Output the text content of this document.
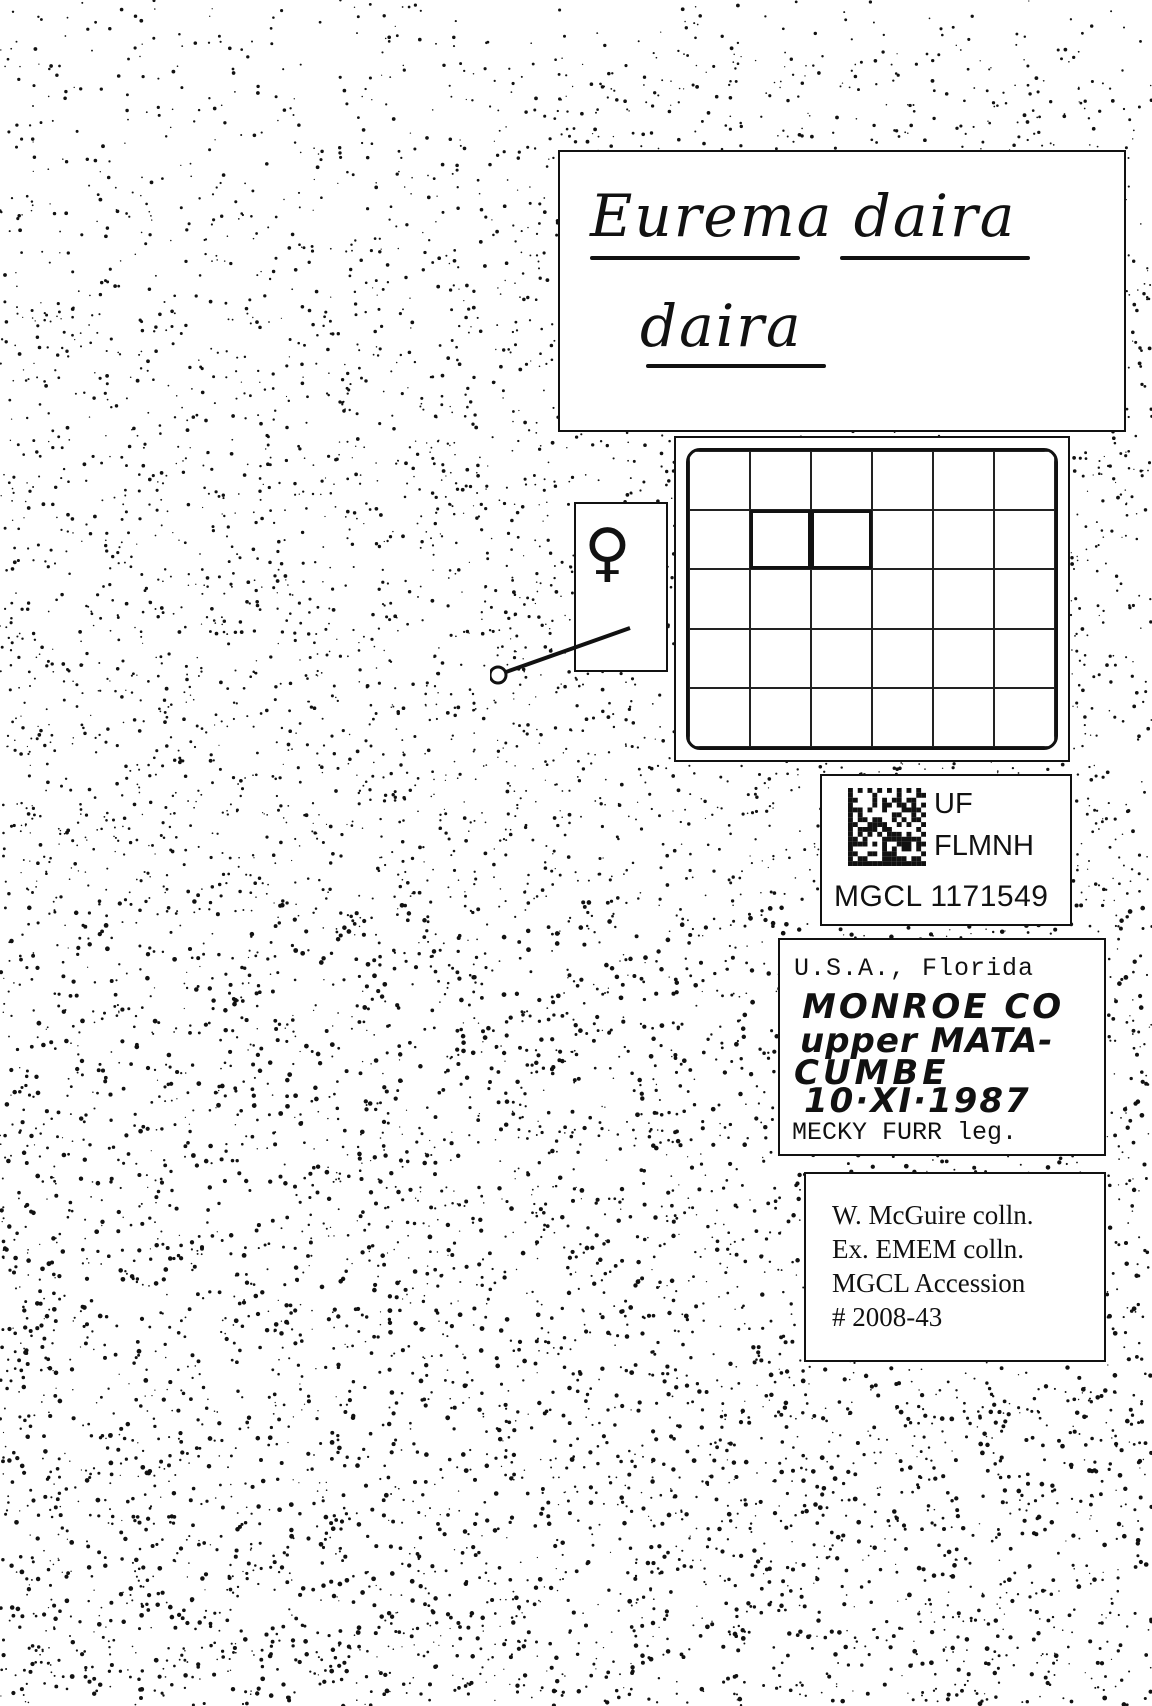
Eurema daira
daira
♀
UF
FLMNH
MGCL 1171549
U.S.A., Florida
MONROE CO
upper MATA-
CUMBE
10·XI·1987
MECKY FURR leg.
W. McGuire colln.
Ex. EMEM colln.
MGCL Accession
# 2008-43
